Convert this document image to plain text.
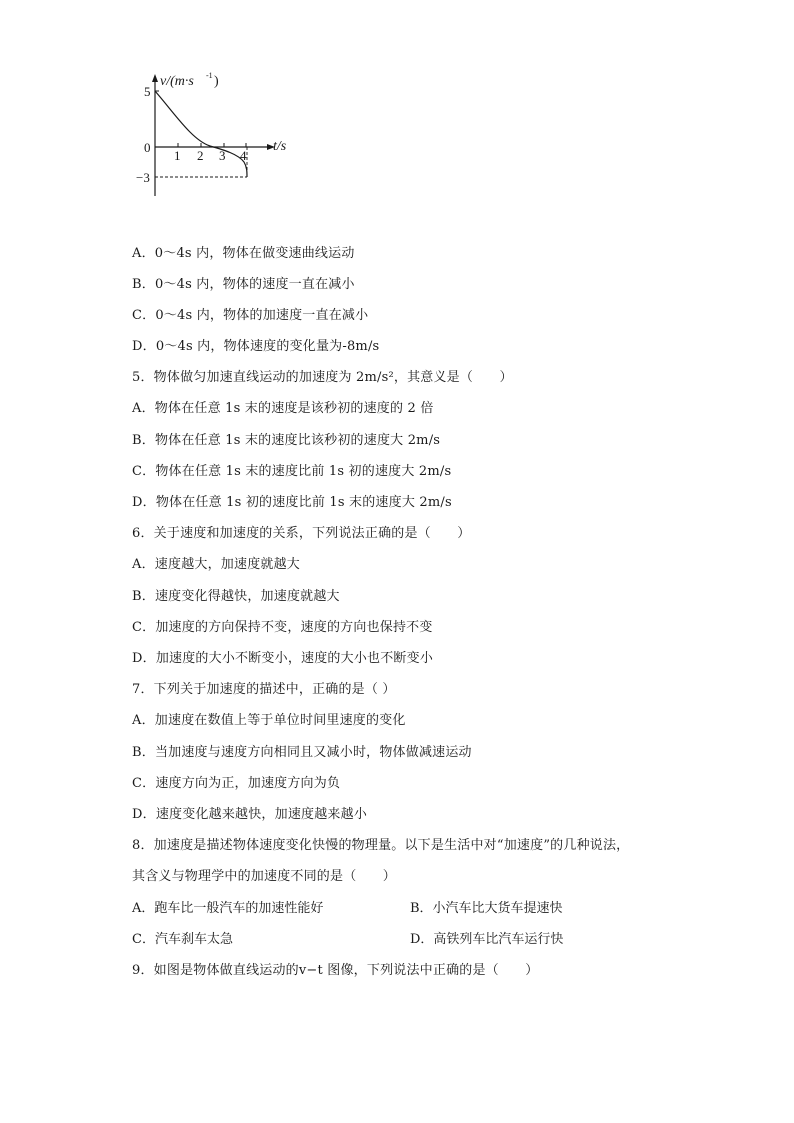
v/(m·s -1 )
t/s
0
5
−3
1 2 3 4
A．0～4s 内，物体在做变速曲线运动
B．0～4s 内，物体的速度一直在减小
C．0～4s 内，物体的加速度一直在减小
D．0～4s 内，物体速度的变化量为-8m/s
5．物体做匀加速直线运动的加速度为 2m/s²，其意义是（　　）
A．物体在任意 1s 末的速度是该秒初的速度的 2 倍
B．物体在任意 1s 末的速度比该秒初的速度大 2m/s
C．物体在任意 1s 末的速度比前 1s 初的速度大 2m/s
D．物体在任意 1s 初的速度比前 1s 末的速度大 2m/s
6．关于速度和加速度的关系，下列说法正确的是（　　）
A．速度越大，加速度就越大
B．速度变化得越快，加速度就越大
C．加速度的方向保持不变，速度的方向也保持不变
D．加速度的大小不断变小，速度的大小也不断变小
7．下列关于加速度的描述中，正确的是（ ）
A．加速度在数值上等于单位时间里速度的变化
B．当加速度与速度方向相同且又减小时，物体做减速运动
C．速度方向为正，加速度方向为负
D．速度变化越来越快，加速度越来越小
8．加速度是描述物体速度变化快慢的物理量。以下是生活中对“加速度”的几种说法，
其含义与物理学中的加速度不同的是（　　）
A．跑车比一般汽车的加速性能好	B．小汽车比大货车提速快
C．汽车刹车太急	D．高铁列车比汽车运行快
9．如图是物体做直线运动的v−t 图像，下列说法中正确的是（　　）
